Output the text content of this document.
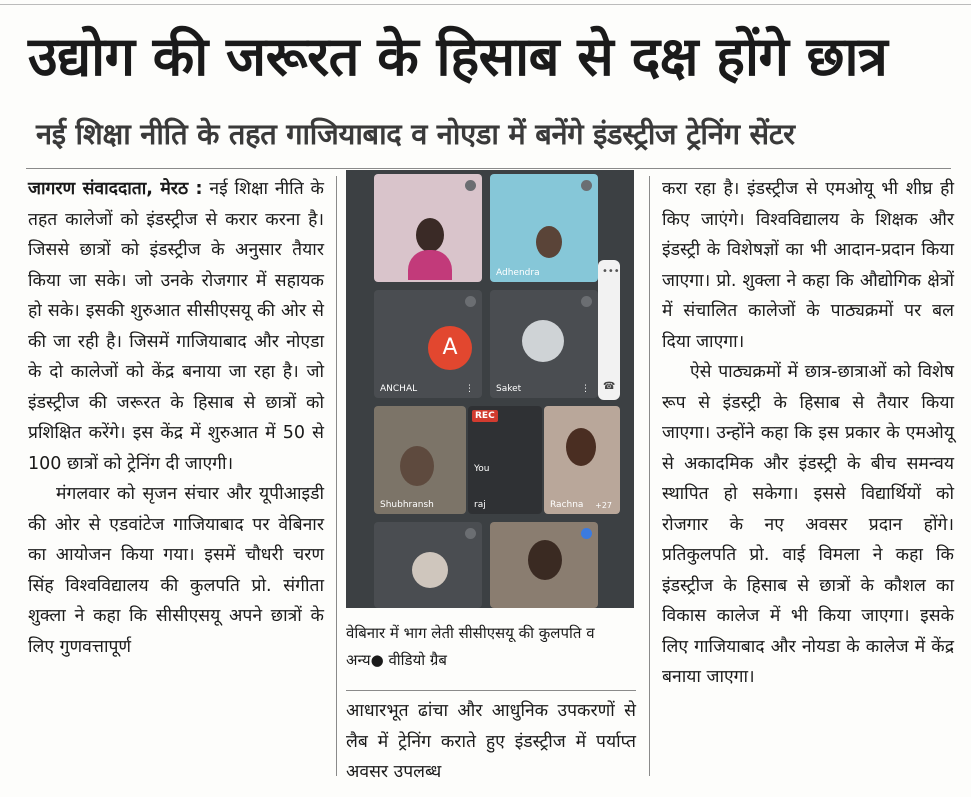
उद्योग की जरूरत के हिसाब से दक्ष होंगे छात्र
नई शिक्षा नीति के तहत गाजियाबाद व नोएडा में बनेंगे इंडस्ट्रीज ट्रेनिंग सेंटर

जागरण संवाददाता, मेरठ : नई शिक्षा नीति के तहत कालेजों को इंडस्ट्रीज से करार करना है। जिससे छात्रों को इंडस्ट्रीज के अनुसार तैयार किया जा सके। जो उनके रोजगार में सहायक हो सके। इसकी शुरुआत सीसीएसयू की ओर से की जा रही है। जिसमें गाजियाबाद और नोएडा के दो कालेजों को केंद्र बनाया जा रहा है। जो इंडस्ट्रीज की जरूरत के हिसाब से छात्रों को प्रशिक्षित करेंगे। इस केंद्र में शुरुआत में 50 से 100 छात्रों को ट्रेनिंग दी जाएगी।

मंगलवार को सृजन संचार और यूपीआइडी की ओर से एडवांटेज गाजियाबाद पर वेबिनार का आयोजन किया गया। इसमें चौधरी चरण सिंह विश्वविद्यालय की कुलपति प्रो. संगीता शुक्ला ने कहा कि सीसीएसयू अपने छात्रों के लिए गुणवत्तापूर्ण

Adhendra
A
ANCHAL	⋮ Saket	⋮
•••
☎
Shubhransh
REC
You
raj	Rachna +27
वेबिनार में भाग लेती सीसीएसयू की कुलपति व अन्य● वीडियो ग्रैब

आधारभूत ढांचा और आधुनिक उपकरणों से लैब में ट्रेनिंग कराते हुए इंडस्ट्रीज में पर्याप्त अवसर उपलब्ध

करा रहा है। इंडस्ट्रीज से एमओयू भी शीघ्र ही किए जाएंगे। विश्वविद्यालय के शिक्षक और इंडस्ट्री के विशेषज्ञों का भी आदान-प्रदान किया जाएगा। प्रो. शुक्ला ने कहा कि औद्योगिक क्षेत्रों में संचालित कालेजों के पाठ्यक्रमों पर बल दिया जाएगा।

ऐसे पाठ्यक्रमों में छात्र-छात्राओं को विशेष रूप से इंडस्ट्री के हिसाब से तैयार किया जाएगा। उन्होंने कहा कि इस प्रकार के एमओयू से अकादमिक और इंडस्ट्री के बीच समन्वय स्थापित हो सकेगा। इससे विद्यार्थियों को रोजगार के नए अवसर प्रदान होंगे। प्रतिकुलपति प्रो. वाई विमला ने कहा कि इंडस्ट्रीज के हिसाब से छात्रों के कौशल का विकास कालेज में भी किया जाएगा। इसके लिए गाजियाबाद और नोयडा के कालेज में केंद्र बनाया जाएगा।
